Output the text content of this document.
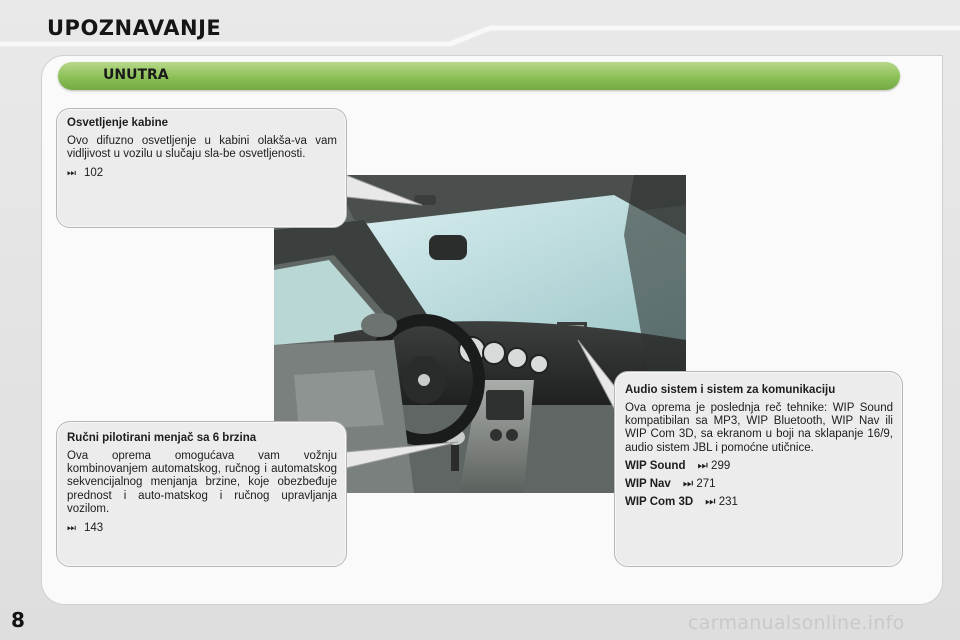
UPOZNAVANJE
UNUTRA
Osvetljenje kabine

Ovo difuzno osvetljenje u kabini olakša-va vam vidljivost u vozilu u slučaju sla-be osvetljenosti.

⏭ 102
Ručni pilotirani menjač sa 6 brzina

Ova oprema omogućava vam vožnju kombinovanjem automatskog, ručnog i automatskog sekvencijalnog menjanja brzine, koje obezbeđuje prednost i auto-matskog i ručnog upravljanja vozilom.

⏭ 143
Audio sistem i sistem za komunikaciju

Ova oprema je poslednja reč tehnike: WIP Sound kompatibilan sa MP3, WIP Bluetooth, WIP Nav ili WIP Com 3D, sa ekranom u boji na sklapanje 16/9, audio sistem JBL i pomoćne utičnice.

WIP Sound ⏭ 299
WIP Nav ⏭ 271
WIP Com 3D ⏭ 231
8	carmanualsonline.info
